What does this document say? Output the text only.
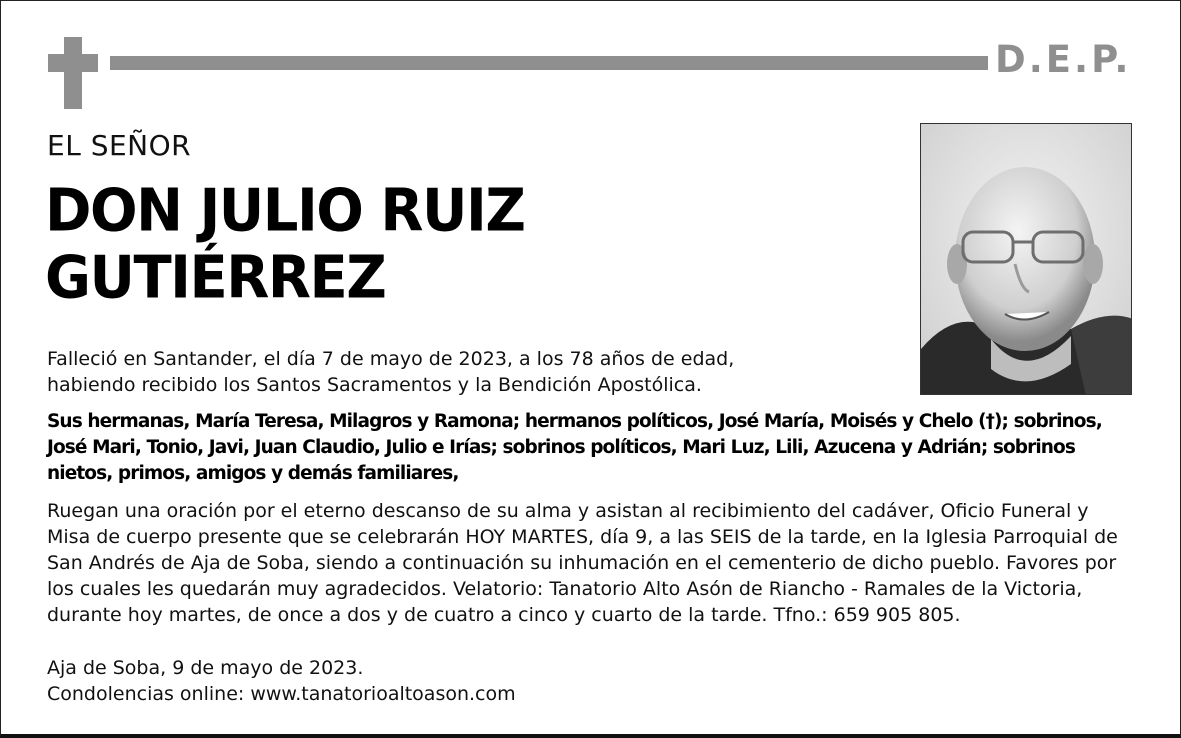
D.E.P.
EL SEÑOR
DON JULIO RUIZ
GUTIÉRREZ
Falleció en Santander, el día 7 de mayo de 2023, a los 78 años de edad,
habiendo recibido los Santos Sacramentos y la Bendición Apostólica.
Sus hermanas, María Teresa, Milagros y Ramona; hermanos políticos, José María, Moisés y Chelo (†); sobrinos,
José Mari, Tonio, Javi, Juan Claudio, Julio e Irías; sobrinos políticos, Mari Luz, Lili, Azucena y Adrián; sobrinos
nietos, primos, amigos y demás familiares,
Ruegan una oración por el eterno descanso de su alma y asistan al recibimiento del cadáver, Oficio Funeral y
Misa de cuerpo presente que se celebrarán HOY MARTES, día 9, a las SEIS de la tarde, en la Iglesia Parroquial de
San Andrés de Aja de Soba, siendo a continuación su inhumación en el cementerio de dicho pueblo. Favores por
los cuales les quedarán muy agradecidos. Velatorio: Tanatorio Alto Asón de Riancho - Ramales de la Victoria,
durante hoy martes, de once a dos y de cuatro a cinco y cuarto de la tarde. Tfno.: 659 905 805.
Aja de Soba, 9 de mayo de 2023.
Condolencias online: www.tanatorioaltoason.com
